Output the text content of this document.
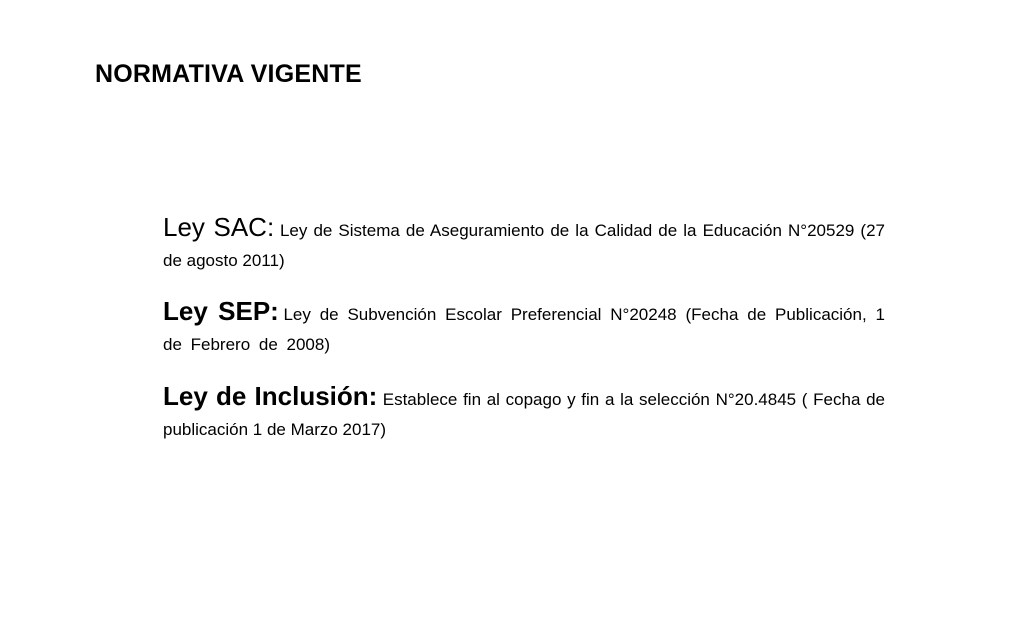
NORMATIVA VIGENTE
Ley SAC: Ley de Sistema de Aseguramiento de la Calidad de la Educación N°20529 (27 de agosto 2011)
Ley SEP: Ley de Subvención Escolar Preferencial N°20248 (Fecha de Publicación, 1 de Febrero de 2008)
Ley de Inclusión: Establece fin al copago y fin a la selección N°20.4845 ( Fecha de publicación 1 de Marzo 2017)
